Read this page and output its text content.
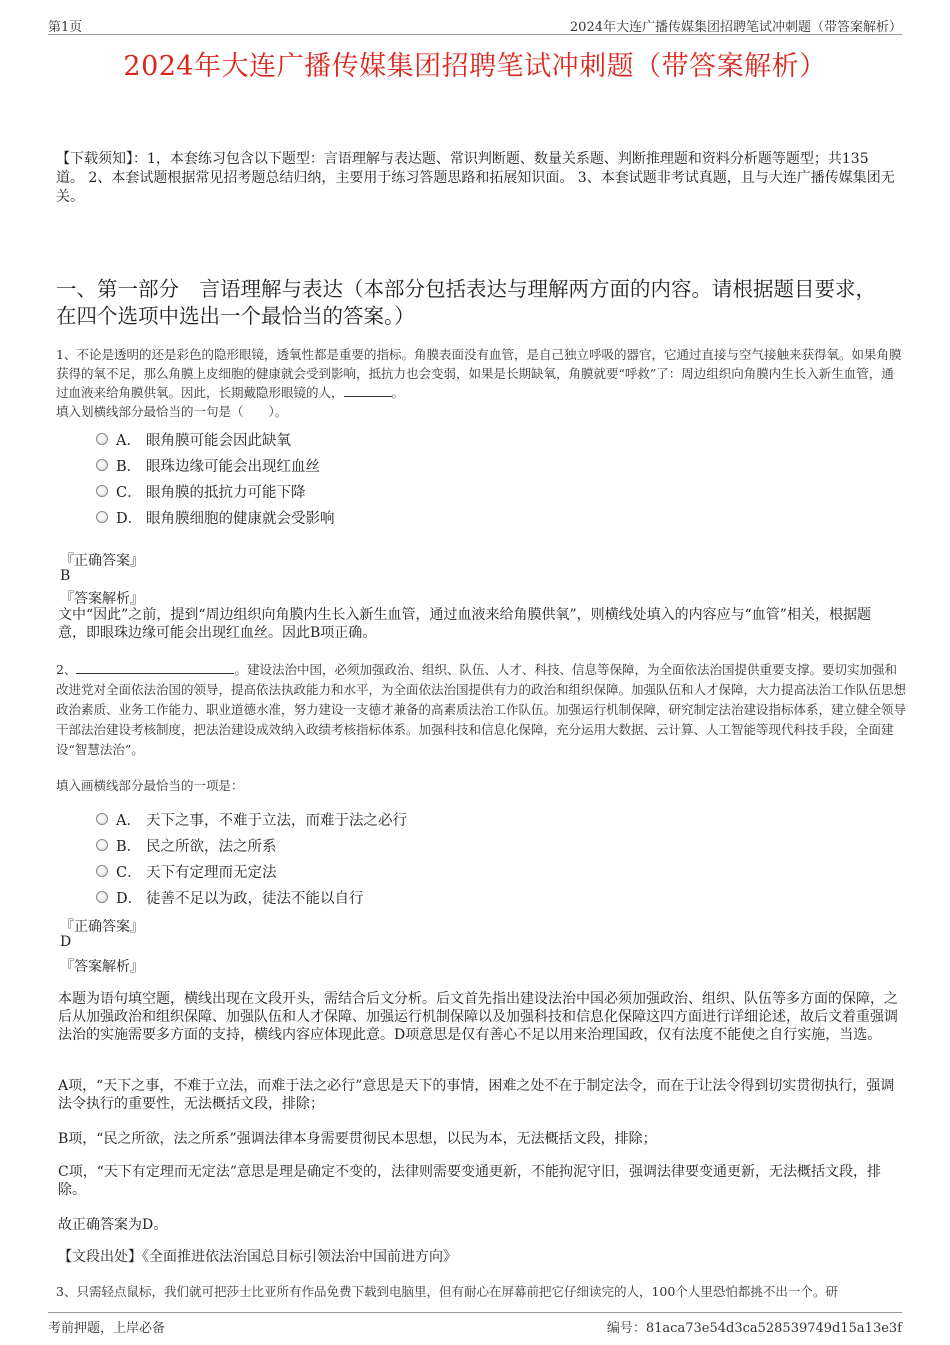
第1页	2024年大连广播传媒集团招聘笔试冲刺题（带答案解析）
2024年大连广播传媒集团招聘笔试冲刺题（带答案解析）
【下载须知】：1，本套练习包含以下题型：言语理解与表达题、常识判断题、数量关系题、判断推理题和资料分析题等题型；共135道。 2、本套试题根据常见招考题总结归纳，主要用于练习答题思路和拓展知识面。 3、本套试题非考试真题，且与大连广播传媒集团无关。
一、第一部分　言语理解与表达（本部分包括表达与理解两方面的内容。请根据题目要求，在四个选项中选出一个最恰当的答案。）
1、不论是透明的还是彩色的隐形眼镜，透氧性都是重要的指标。角膜表面没有血管，是自己独立呼吸的器官，它通过直接与空气接触来获得氧。如果角膜获得的氧不足，那么角膜上皮细胞的健康就会受到影响，抵抗力也会变弱，如果是长期缺氧，角膜就要“呼救”了：周边组织向角膜内生长入新生血管，通过血液来给角膜供氧。因此，长期戴隐形眼镜的人，	。
填入划横线部分最恰当的一句是（　　）。
A． 眼角膜可能会因此缺氧
B． 眼珠边缘可能会出现红血丝
C． 眼角膜的抵抗力可能下降
D． 眼角膜细胞的健康就会受影响
『正确答案』
B
『答案解析』
文中“因此”之前，提到“周边组织向角膜内生长入新生血管，通过血液来给角膜供氧”，则横线处填入的内容应与“血管”相关，根据题意，即眼珠边缘可能会出现红血丝。因此B项正确。
2、	。建设法治中国，必须加强政治、组织、队伍、人才、科技、信息等保障，为全面依法治国提供重要支撑。要切实加强和改进党对全面依法治国的领导，提高依法执政能力和水平，为全面依法治国提供有力的政治和组织保障。加强队伍和人才保障，大力提高法治工作队伍思想政治素质、业务工作能力、职业道德水准，努力建设一支德才兼备的高素质法治工作队伍。加强运行机制保障，研究制定法治建设指标体系，建立健全领导干部法治建设考核制度，把法治建设成效纳入政绩考核指标体系。加强科技和信息化保障，充分运用大数据、云计算、人工智能等现代科技手段，全面建设“智慧法治”。
填入画横线部分最恰当的一项是：
A． 天下之事，不难于立法，而难于法之必行
B． 民之所欲，法之所系
C． 天下有定理而无定法
D． 徒善不足以为政，徒法不能以自行
『正确答案』
D
『答案解析』
本题为语句填空题，横线出现在文段开头，需结合后文分析。后文首先指出建设法治中国必须加强政治、组织、队伍等多方面的保障，之后从加强政治和组织保障、加强队伍和人才保障、加强运行机制保障以及加强科技和信息化保障这四方面进行详细论述，故后文着重强调法治的实施需要多方面的支持，横线内容应体现此意。D项意思是仅有善心不足以用来治理国政，仅有法度不能使之自行实施，当选。
A项，“天下之事，不难于立法，而难于法之必行”意思是天下的事情，困难之处不在于制定法令，而在于让法令得到切实贯彻执行，强调法令执行的重要性，无法概括文段，排除；
B项，“民之所欲，法之所系”强调法律本身需要贯彻民本思想，以民为本，无法概括文段，排除；
C项，“天下有定理而无定法”意思是理是确定不变的，法律则需要变通更新，不能拘泥守旧，强调法律要变通更新，无法概括文段，排除。
故正确答案为D。
【文段出处】《全面推进依法治国总目标引领法治中国前进方向》
3、只需轻点鼠标，我们就可把莎士比亚所有作品免费下载到电脑里，但有耐心在屏幕前把它仔细读完的人，100个人里恐怕都挑不出一个。研
考前押题，上岸必备	编号：81aca73e54d3ca528539749d15a13e3f
